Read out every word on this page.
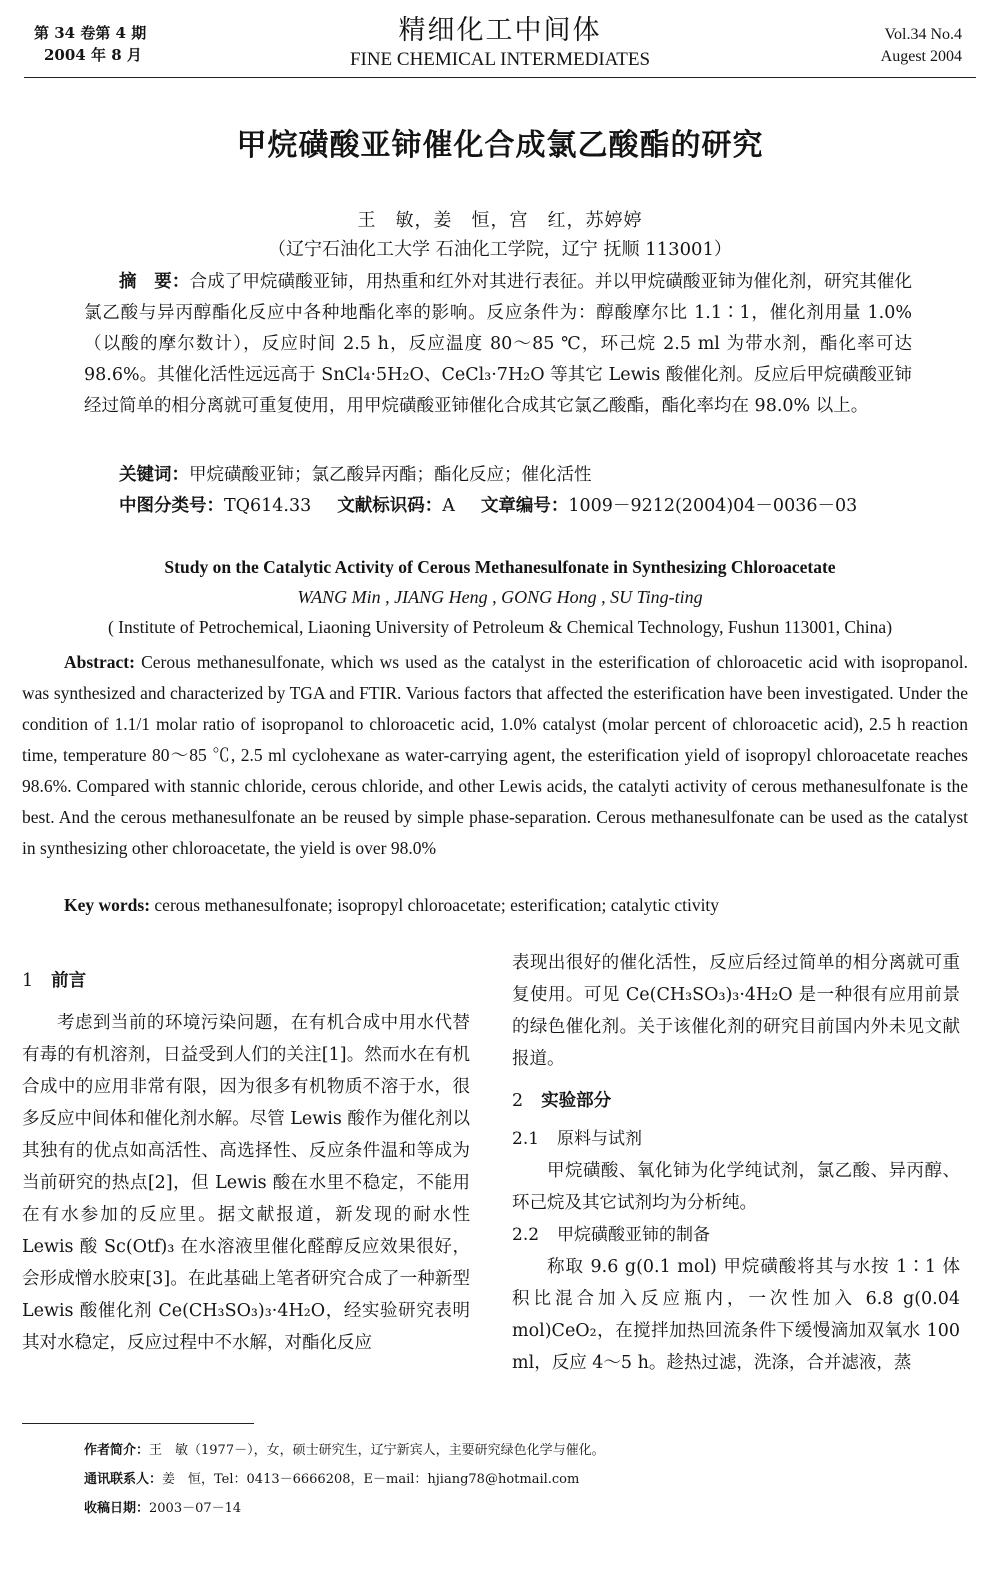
第 34 卷第 4 期
2004 年 8 月
精细化工中间体
FINE CHEMICAL INTERMEDIATES
Vol.34 No.4
Augest 2004
甲烷磺酸亚铈催化合成氯乙酸酯的研究
王　敏，姜　恒，宫　红，苏婷婷
（辽宁石油化工大学 石油化工学院，辽宁 抚顺 113001）

摘　要：合成了甲烷磺酸亚铈，用热重和红外对其进行表征。并以甲烷磺酸亚铈为催化剂，研究其催化氯乙酸与异丙醇酯化反应中各种地酯化率的影响。反应条件为：醇酸摩尔比 1.1∶1，催化剂用量 1.0%（以酸的摩尔数计），反应时间 2.5 h，反应温度 80～85 ℃，环己烷 2.5 ml 为带水剂，酯化率可达 98.6%。其催化活性远远高于 SnCl₄·5H₂O、CeCl₃·7H₂O 等其它 Lewis 酸催化剂。反应后甲烷磺酸亚铈经过简单的相分离就可重复使用，用甲烷磺酸亚铈催化合成其它氯乙酸酯，酯化率均在 98.0% 以上。

关键词：甲烷磺酸亚铈；氯乙酸异丙酯；酯化反应；催化活性
中图分类号：TQ614.33 文献标识码：A 文章编号：1009－9212(2004)04－0036－03
Study on the Catalytic Activity of Cerous Methanesulfonate in Synthesizing Chloroacetate
WANG Min , JIANG Heng , GONG Hong , SU Ting-ting
( Institute of Petrochemical, Liaoning University of Petroleum & Chemical Technology, Fushun 113001, China)

Abstract: Cerous methanesulfonate, which ws used as the catalyst in the esterification of chloroacetic acid with isopropanol. was synthesized and characterized by TGA and FTIR. Various factors that affected the esterification have been investigated. Under the condition of 1.1/1 molar ratio of isopropanol to chloroacetic acid, 1.0% catalyst (molar percent of chloroacetic acid), 2.5 h reaction time, temperature 80～85 ℃, 2.5 ml cyclohexane as water-carrying agent, the esterification yield of isopropyl chloroacetate reaches 98.6%. Compared with stannic chloride, cerous chloride, and other Lewis acids, the catalyti activity of cerous methanesulfonate is the best. And the cerous methanesulfonate an be reused by simple phase-separation. Cerous methanesulfonate can be used as the catalyst in synthesizing other chloroacetate, the yield is over 98.0%

Key words: cerous methanesulfonate; isopropyl chloroacetate; esterification; catalytic ctivity

1 前言

考虑到当前的环境污染问题，在有机合成中用水代替有毒的有机溶剂，日益受到人们的关注[1]。然而水在有机合成中的应用非常有限，因为很多有机物质不溶于水，很多反应中间体和催化剂水解。尽管 Lewis 酸作为催化剂以其独有的优点如高活性、高选择性、反应条件温和等成为当前研究的热点[2]，但 Lewis 酸在水里不稳定，不能用在有水参加的反应里。据文献报道，新发现的耐水性 Lewis 酸 Sc(Otf)₃ 在水溶液里催化醛醇反应效果很好，会形成憎水胶束[3]。在此基础上笔者研究合成了一种新型 Lewis 酸催化剂 Ce(CH₃SO₃)₃·4H₂O，经实验研究表明其对水稳定，反应过程中不水解，对酯化反应

表现出很好的催化活性，反应后经过简单的相分离就可重复使用。可见 Ce(CH₃SO₃)₃·4H₂O 是一种很有应用前景的绿色催化剂。关于该催化剂的研究目前国内外未见文献报道。

2 实验部分

2.1 原料与试剂

甲烷磺酸、氧化铈为化学纯试剂，氯乙酸、异丙醇、环己烷及其它试剂均为分析纯。

2.2 甲烷磺酸亚铈的制备

称取 9.6 g(0.1 mol) 甲烷磺酸将其与水按 1∶1 体积比混合加入反应瓶内，一次性加入 6.8 g(0.04 mol)CeO₂，在搅拌加热回流条件下缓慢滴加双氧水 100 ml，反应 4～5 h。趁热过滤，洗涤，合并滤液，蒸

作者简介：王　敏（1977－），女，硕士研究生，辽宁新宾人，主要研究绿色化学与催化。
通讯联系人：姜　恒，Tel：0413－6666208，E－mail：hjiang78@hotmail.com
收稿日期：2003－07－14
